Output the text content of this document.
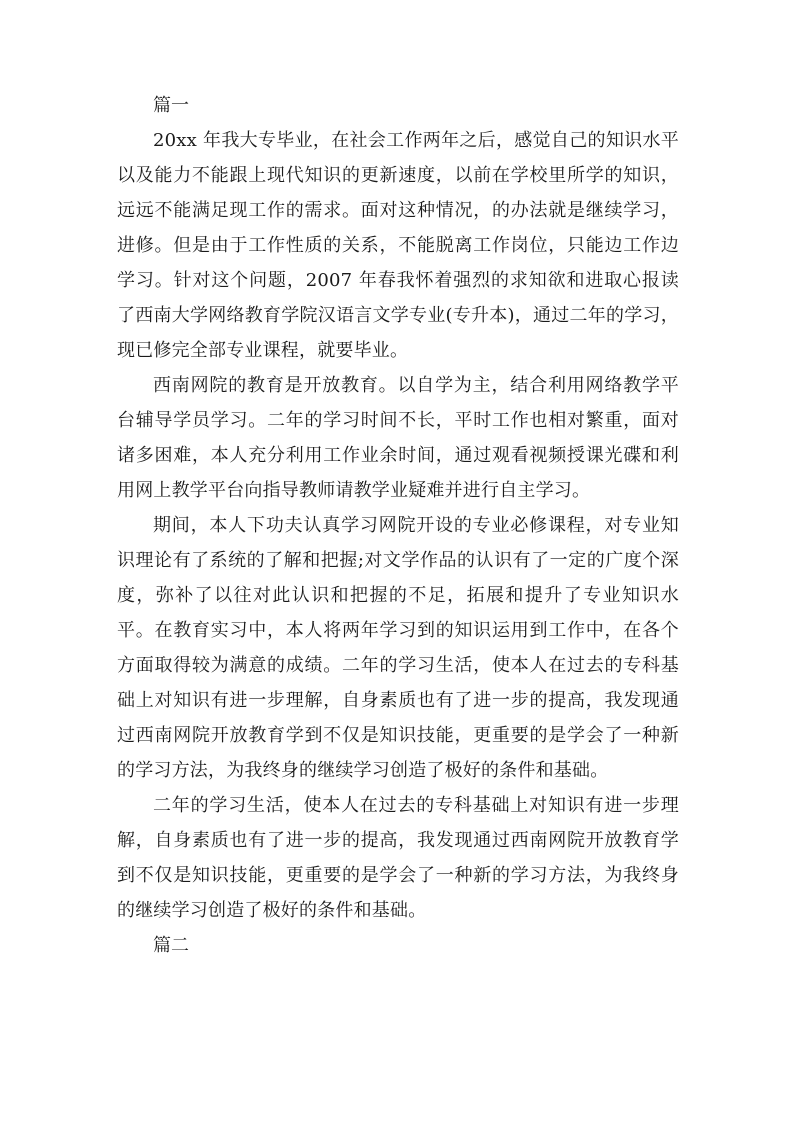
篇一

20xx 年我大专毕业，在社会工作两年之后，感觉自己的知识水平以及能力不能跟上现代知识的更新速度，以前在学校里所学的知识，远远不能满足现工作的需求。面对这种情况，的办法就是继续学习，进修。但是由于工作性质的关系，不能脱离工作岗位，只能边工作边学习。针对这个问题，2007 年春我怀着强烈的求知欲和进取心报读了西南大学网络教育学院汉语言文学专业(专升本)，通过二年的学习，现已修完全部专业课程，就要毕业。

西南网院的教育是开放教育。以自学为主，结合利用网络教学平台辅导学员学习。二年的学习时间不长，平时工作也相对繁重，面对诸多困难，本人充分利用工作业余时间，通过观看视频授课光碟和利用网上教学平台向指导教师请教学业疑难并进行自主学习。

期间，本人下功夫认真学习网院开设的专业必修课程，对专业知识理论有了系统的了解和把握;对文学作品的认识有了一定的广度个深度，弥补了以往对此认识和把握的不足，拓展和提升了专业知识水平。在教育实习中，本人将两年学习到的知识运用到工作中，在各个方面取得较为满意的成绩。二年的学习生活，使本人在过去的专科基础上对知识有进一步理解，自身素质也有了进一步的提高，我发现通过西南网院开放教育学到不仅是知识技能，更重要的是学会了一种新的学习方法，为我终身的继续学习创造了极好的条件和基础。

二年的学习生活，使本人在过去的专科基础上对知识有进一步理解，自身素质也有了进一步的提高，我发现通过西南网院开放教育学到不仅是知识技能，更重要的是学会了一种新的学习方法，为我终身的继续学习创造了极好的条件和基础。

篇二
